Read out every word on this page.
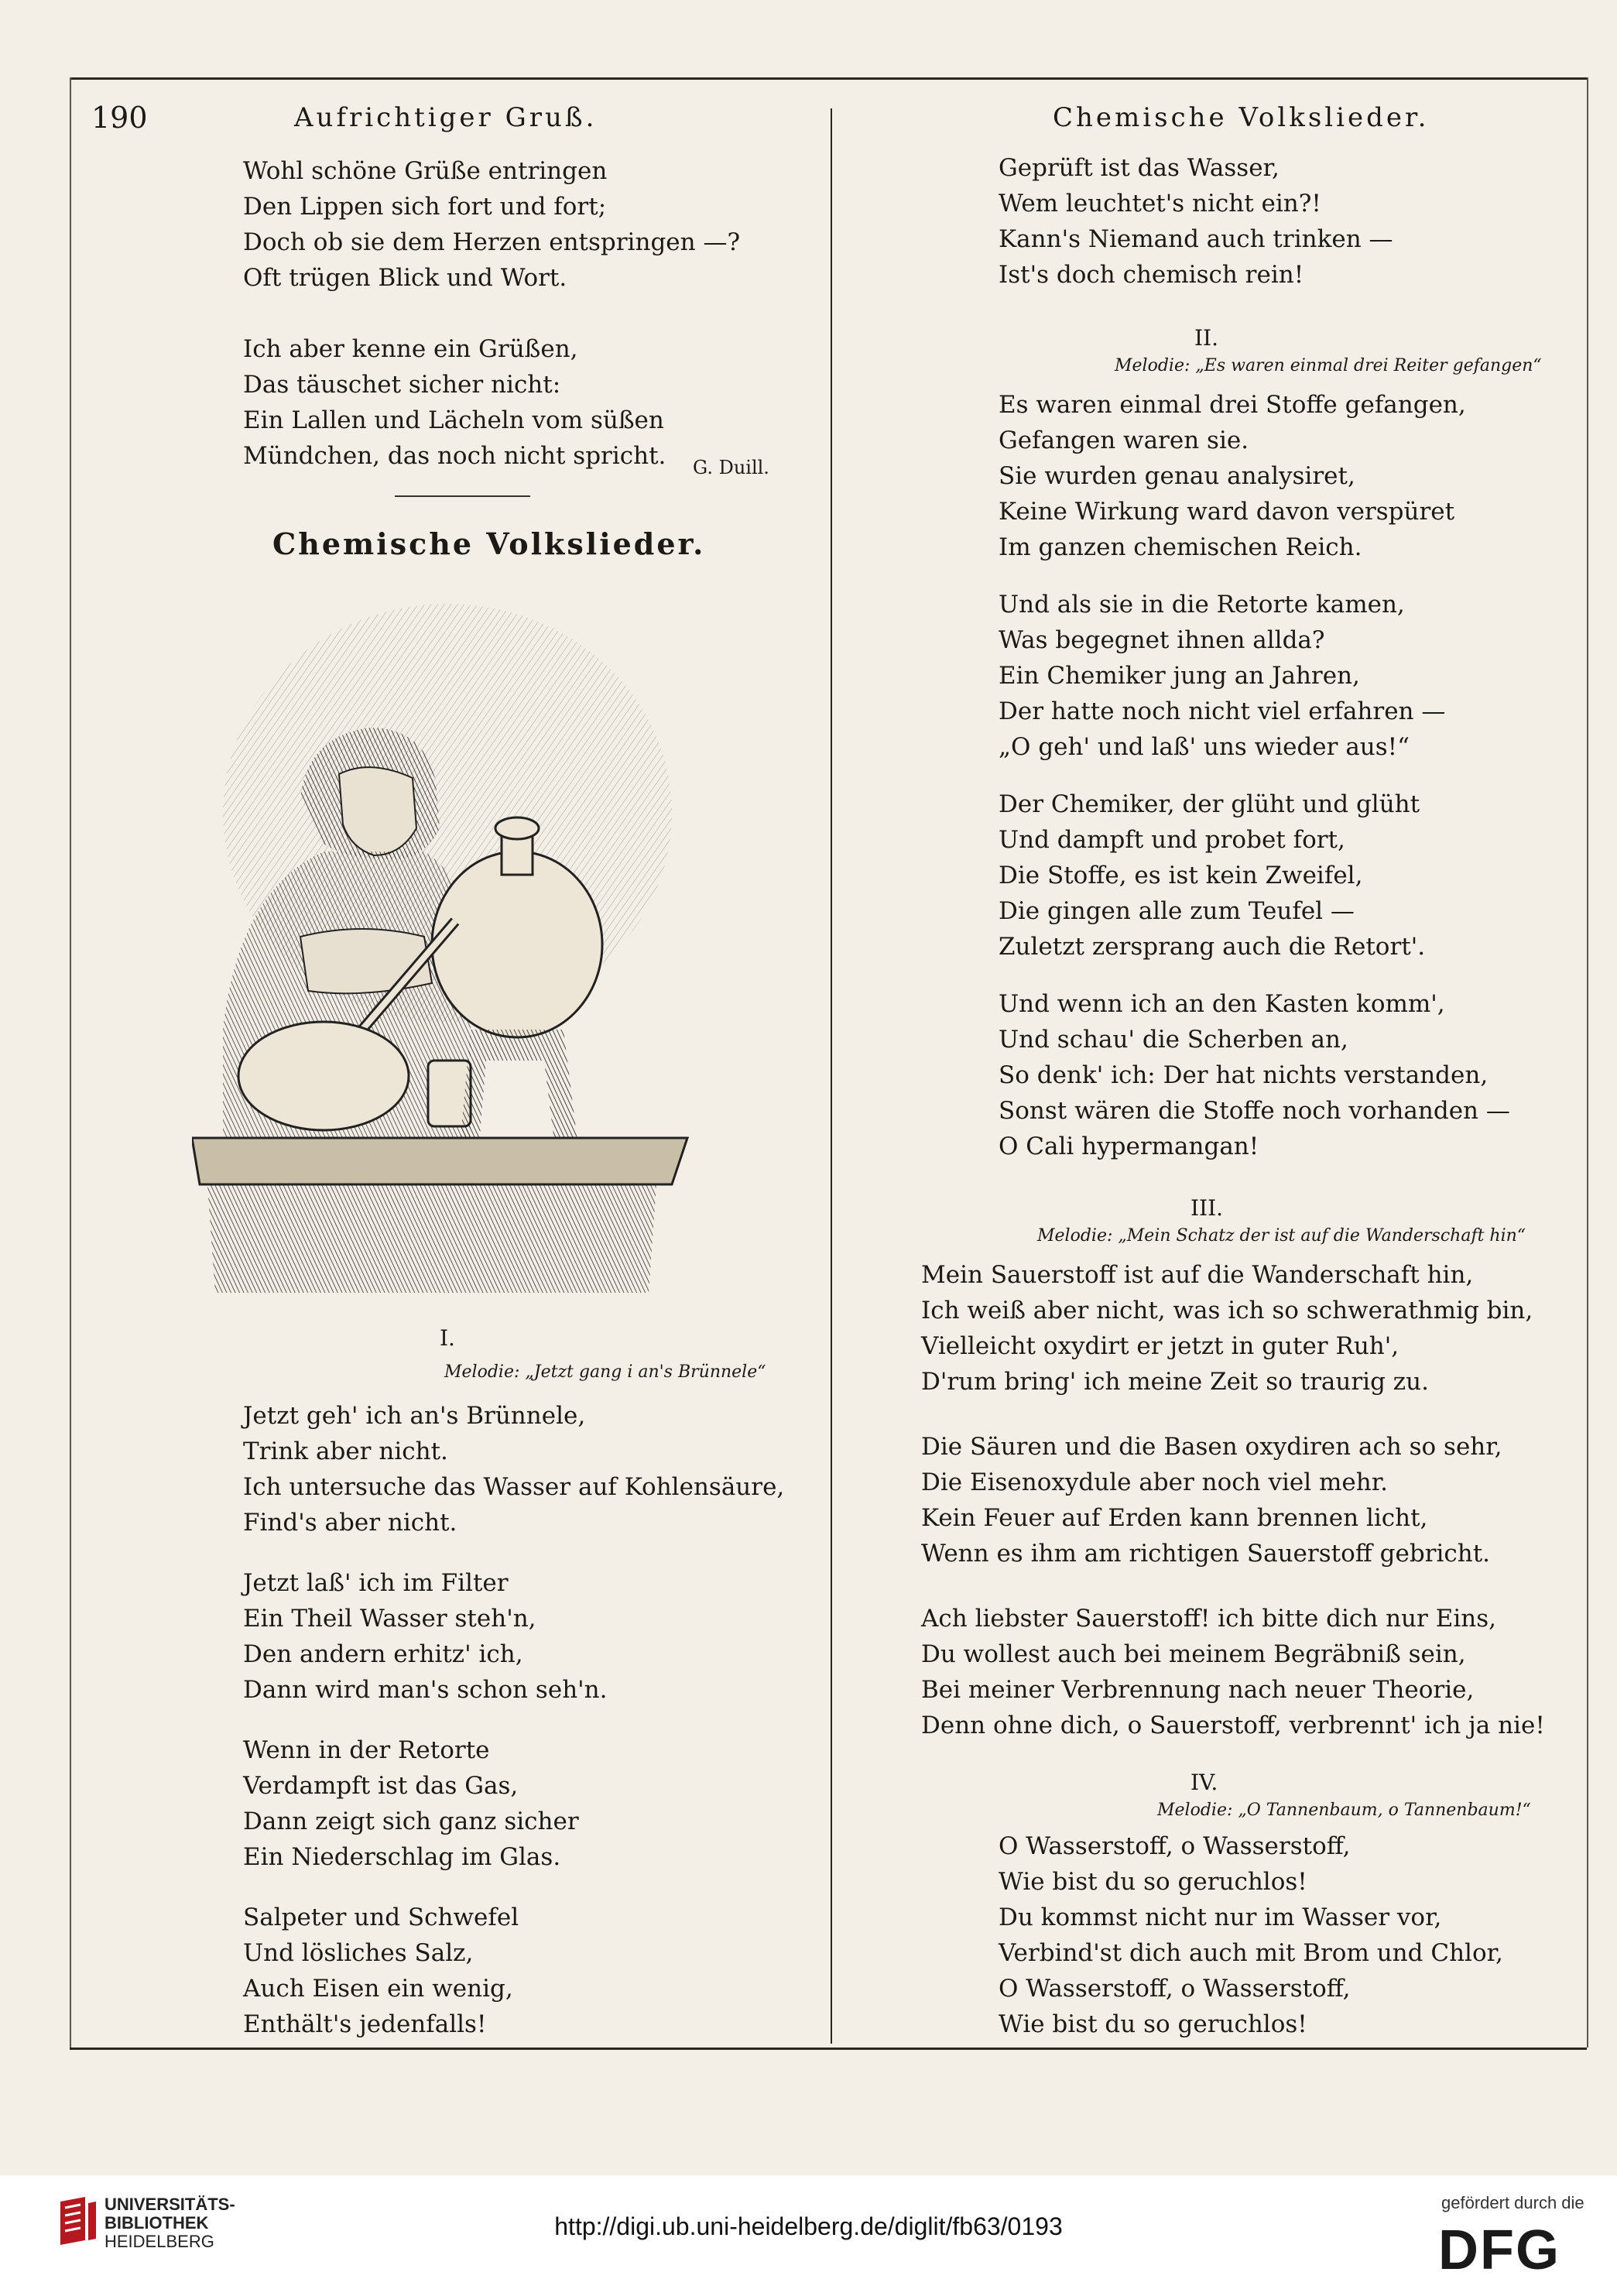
190	Aufrichtiger Gruß.	Chemische Volkslieder.
Wohl schöne Grüße entringen
Den Lippen sich fort und fort;
Doch ob sie dem Herzen entspringen —?
Oft trügen Blick und Wort.
Ich aber kenne ein Grüßen,
Das täuschet sicher nicht:
Ein Lallen und Lächeln vom süßen
Mündchen, das noch nicht spricht. G. Duill.
Chemische Volkslieder.
I.
Melodie: „Jetzt gang i an's Brünnele“
Jetzt geh' ich an's Brünnele,
Trink aber nicht.
Ich untersuche das Wasser auf Kohlensäure,
Find's aber nicht.
Jetzt laß' ich im Filter
Ein Theil Wasser steh'n,
Den andern erhitz' ich,
Dann wird man's schon seh'n.
Wenn in der Retorte
Verdampft ist das Gas,
Dann zeigt sich ganz sicher
Ein Niederschlag im Glas.
Salpeter und Schwefel
Und lösliches Salz,
Auch Eisen ein wenig,
Enthält's jedenfalls!
Geprüft ist das Wasser,
Wem leuchtet's nicht ein?!
Kann's Niemand auch trinken —
Ist's doch chemisch rein!
II.
Melodie: „Es waren einmal drei Reiter gefangen“
Es waren einmal drei Stoffe gefangen,
Gefangen waren sie.
Sie wurden genau analysiret,
Keine Wirkung ward davon verspüret
Im ganzen chemischen Reich.
Und als sie in die Retorte kamen,
Was begegnet ihnen allda?
Ein Chemiker jung an Jahren,
Der hatte noch nicht viel erfahren —
„O geh' und laß' uns wieder aus!“
Der Chemiker, der glüht und glüht
Und dampft und probet fort,
Die Stoffe, es ist kein Zweifel,
Die gingen alle zum Teufel —
Zuletzt zersprang auch die Retort'.
Und wenn ich an den Kasten komm',
Und schau' die Scherben an,
So denk' ich: Der hat nichts verstanden,
Sonst wären die Stoffe noch vorhanden —
O Cali hypermangan!
III.
Melodie: „Mein Schatz der ist auf die Wanderschaft hin“
Mein Sauerstoff ist auf die Wanderschaft hin,
Ich weiß aber nicht, was ich so schwerathmig bin,
Vielleicht oxydirt er jetzt in guter Ruh',
D'rum bring' ich meine Zeit so traurig zu.
Die Säuren und die Basen oxydiren ach so sehr,
Die Eisenoxydule aber noch viel mehr.
Kein Feuer auf Erden kann brennen licht,
Wenn es ihm am richtigen Sauerstoff gebricht.
Ach liebster Sauerstoff! ich bitte dich nur Eins,
Du wollest auch bei meinem Begräbniß sein,
Bei meiner Verbrennung nach neuer Theorie,
Denn ohne dich, o Sauerstoff, verbrennt' ich ja nie!
IV.
Melodie: „O Tannenbaum, o Tannenbaum!“
O Wasserstoff, o Wasserstoff,
Wie bist du so geruchlos!
Du kommst nicht nur im Wasser vor,
Verbind'st dich auch mit Brom und Chlor,
O Wasserstoff, o Wasserstoff,
Wie bist du so geruchlos!
UNIVERSITÄTS-
BIBLIOTHEK
HEIDELBERG
http://digi.ub.uni-heidelberg.de/diglit/fb63/0193
gefördert durch die
DFG
